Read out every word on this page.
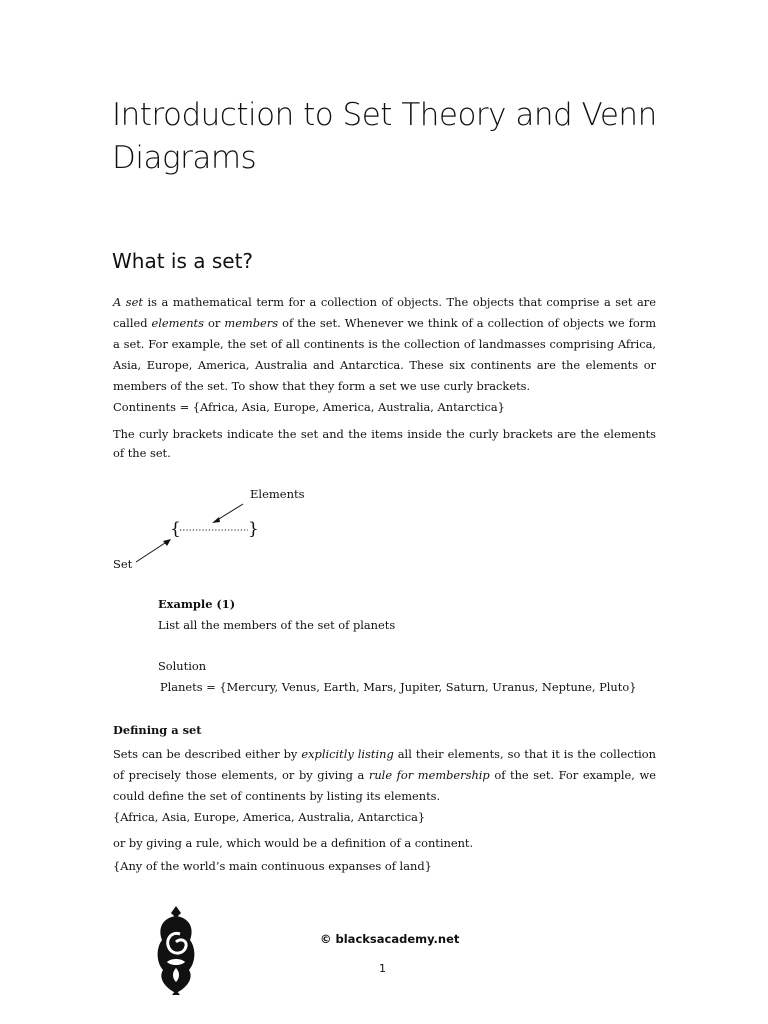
Introduction to Set Theory and Venn Diagrams
What is a set?

A set is a mathematical term for a collection of objects. The objects that comprise a set are called elements or members of the set. Whenever we think of a collection of objects we form a set. For example, the set of all continents is the collection of landmasses comprising Africa, Asia, Europe, America, Australia and Antarctica. These six continents are the elements or members of the set. To show that they form a set we use curly brackets.

Continents = {Africa, Asia, Europe, America, Australia, Antarctica}

The curly brackets indicate the set and the items inside the curly brackets are the elements of the set.

Elements
{	}
Set
Example (1)
List all the members of the set of planets
Solution
Planets = {Mercury, Venus, Earth, Mars, Jupiter, Saturn, Uranus, Neptune, Pluto}

Defining a set

Sets can be described either by explicitly listing all their elements, so that it is the collection of precisely those elements, or by giving a rule for membership of the set. For example, we could define the set of continents by listing its elements.

{Africa, Asia, Europe, America, Australia, Antarctica}

or by giving a rule, which would be a definition of a continent.

{Any of the world’s main continuous expanses of land}

© blacksacademy.net
1
